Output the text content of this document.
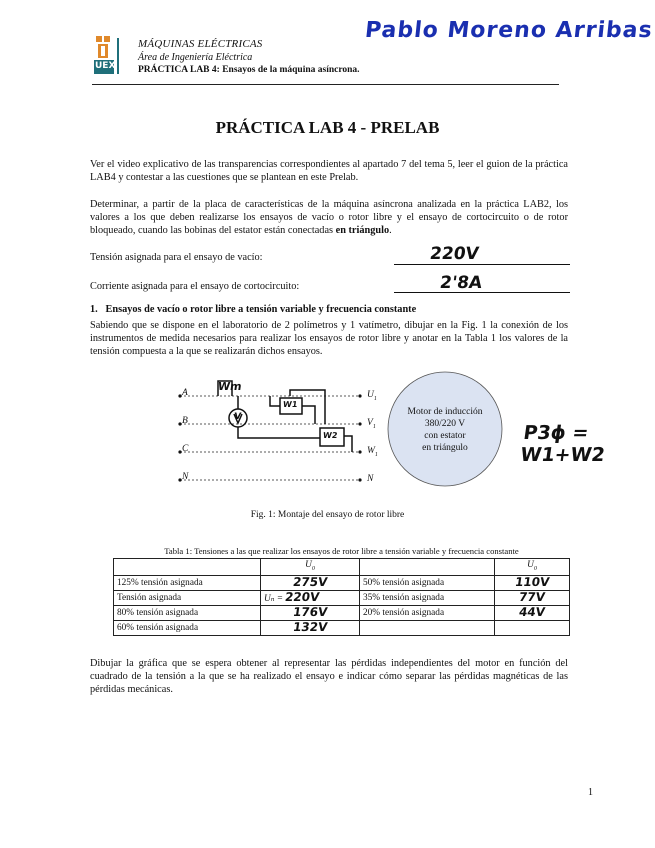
UEX
MÁQUINAS ELÉCTRICAS
Área de Ingeniería Eléctrica
PRÁCTICA LAB 4: Ensayos de la máquina asíncrona.
Pablo Moreno Arribas
PRÁCTICA LAB 4 - PRELAB
Ver el video explicativo de las transparencias correspondientes al apartado 7 del tema 5, leer el guion de la práctica LAB4 y contestar a las cuestiones que se plantean en este Prelab.
Determinar, a partir de la placa de características de la máquina asíncrona analizada en la práctica LAB2, los valores a los que deben realizarse los ensayos de vacío o rotor libre y el ensayo de cortocircuito o de rotor bloqueado, cuando las bobinas del estator están conectadas en triángulo.
Tensión asignada para el ensayo de vacío:	220V
Corriente asignada para el ensayo de cortocircuito:	2'8A
1. Ensayos de vacío o rotor libre a tensión variable y frecuencia constante
Sabiendo que se dispone en el laboratorio de 2 polímetros y 1 vatímetro, dibujar en la Fig. 1 la conexión de los instrumentos de medida necesarios para realizar los ensayos de rotor libre y anotar en la Tabla 1 los valores de la tensión compuesta a la que se realizarán dichos ensayos.
A
B
C
N
$U_1$
$V_1$
$W_1$
N
Motor de inducción
380/220 V
con estator
en triángulo
Wm
V
W1
W2	P3ϕ = W1+W2
Fig. 1: Montaje del ensayo de rotor libre
Tabla 1: Tensiones a las que realizar los ensayos de rotor libre a tensión variable y frecuencia constante
	$U_0$		$U_0$
125% tensión asignada	275V	50% tensión asignada	110V
Tensión asignada	Uₙ = 220V	35% tensión asignada	77V
80% tensión asignada	176V	20% tensión asignada	44V
60% tensión asignada	132V		
Dibujar la gráfica que se espera obtener al representar las pérdidas independientes del motor en función del cuadrado de la tensión a la que se ha realizado el ensayo e indicar cómo separar las pérdidas magnéticas de las pérdidas mecánicas.
1
